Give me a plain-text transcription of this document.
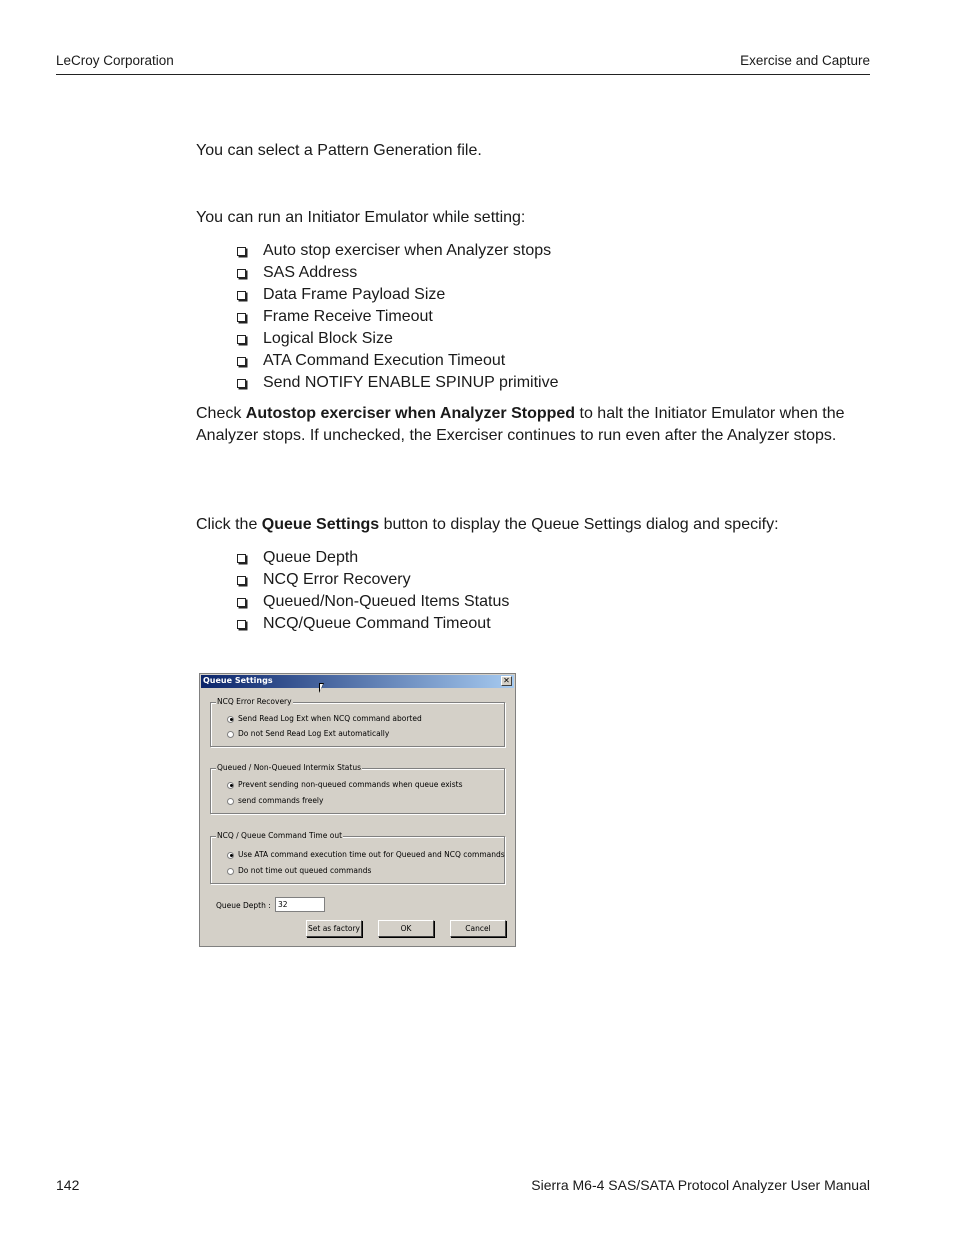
LeCroy Corporation	Exercise and Capture
You can select a Pattern Generation file.
You can run an Initiator Emulator while setting:
Auto stop exerciser when Analyzer stops
SAS Address
Data Frame Payload Size
Frame Receive Timeout
Logical Block Size
ATA Command Execution Timeout
Send NOTIFY ENABLE SPINUP primitive
Check Autostop exerciser when Analyzer Stopped to halt the Initiator Emulator when the Analyzer stops. If unchecked, the Exerciser continues to run even after the Analyzer stops.
Click the Queue Settings button to display the Queue Settings dialog and specify:
Queue Depth
NCQ Error Recovery
Queued/Non-Queued Items Status
NCQ/Queue Command Timeout
Queue Settings	✕
NCQ Error Recovery
Send Read Log Ext when NCQ command aborted
Do not Send Read Log Ext automatically
Queued / Non-Queued Intermix Status
Prevent sending non-queued commands when queue exists
send commands freely
NCQ / Queue Command Time out
Use ATA command execution time out for Queued and NCQ commands
Do not time out queued commands
Queue Depth : 32
Set as factory	OK	Cancel
142	Sierra M6-4 SAS/SATA Protocol Analyzer User Manual
